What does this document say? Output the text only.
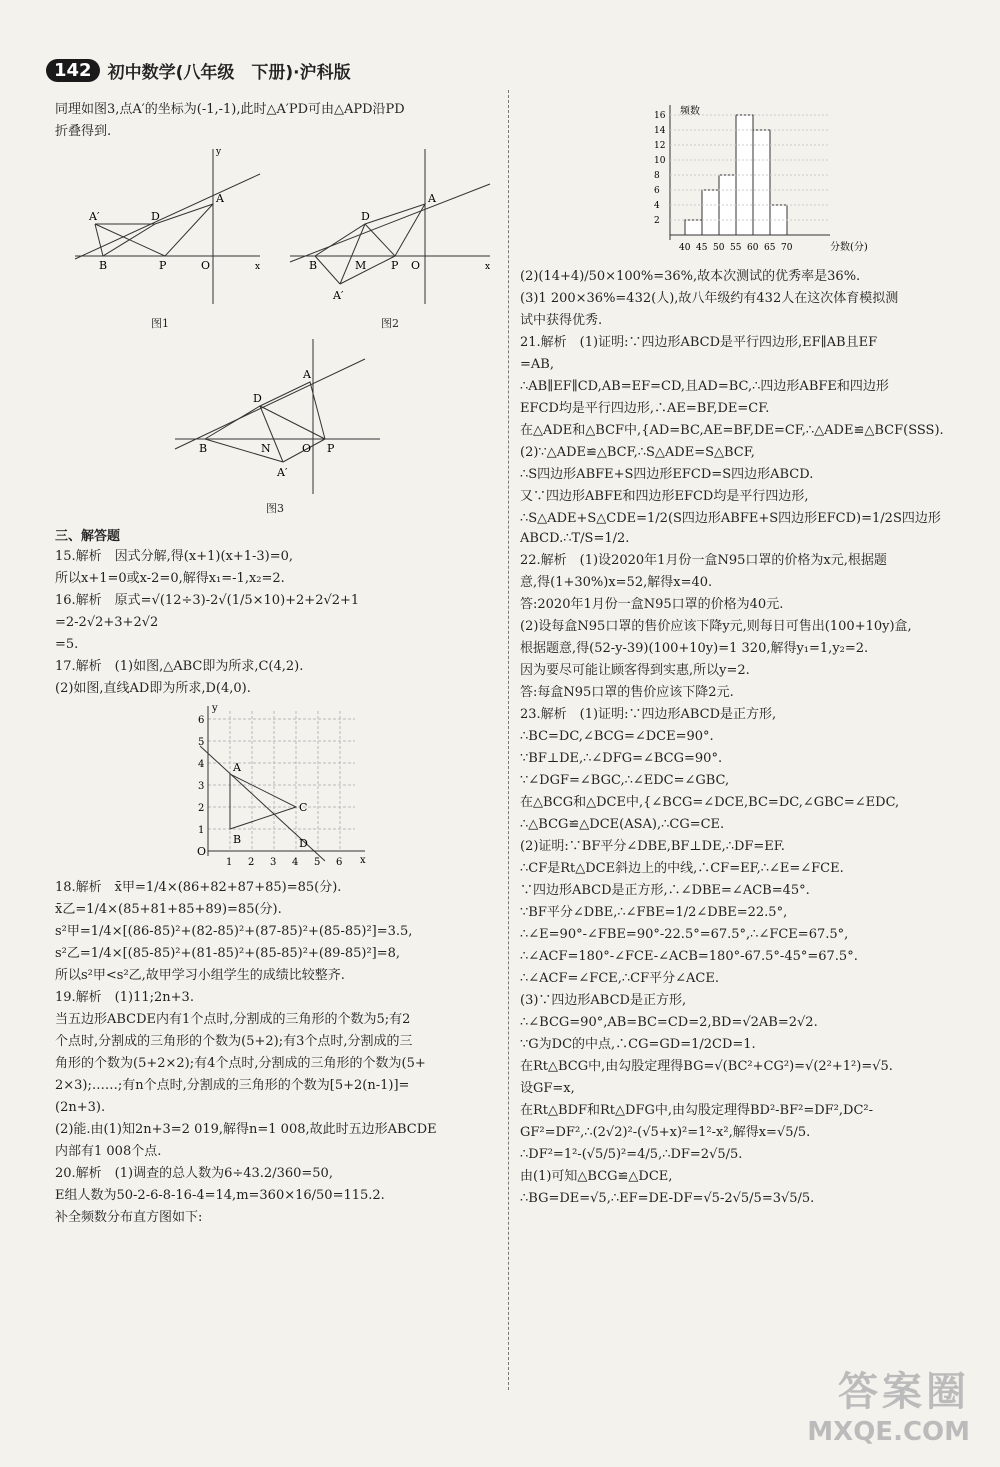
142 初中数学(八年级　下册)·沪科版

同理如图3,点A′的坐标为(-1,-1),此时△A′PD可由△APD沿PD

折叠得到.

A′	D
A
B	P	O	x
y
图1
D
A
B	M P O
A′
x
图2
D
A
B	N	O P
A′
图3
三、解答题

15.解析　因式分解,得(x+1)(x+1-3)=0,

所以x+1=0或x-2=0,解得x₁=-1,x₂=2.

16.解析　原式=√(12÷3)-2√(1/5×10)+2+2√2+1

=2-2√2+3+2√2

=5.

17.解析　(1)如图,△ABC即为所求,C(4,2).

(2)如图,直线AD即为所求,D(4,0).

O
1 2 3 4 5 6
1
2
3
4
5
6
x
y
A
B
C
D

18.解析　x̄甲=1/4×(86+82+87+85)=85(分).

x̄乙=1/4×(85+81+85+89)=85(分).

s²甲=1/4×[(86-85)²+(82-85)²+(87-85)²+(85-85)²]=3.5,

s²乙=1/4×[(85-85)²+(81-85)²+(85-85)²+(89-85)²]=8,

所以s²甲<s²乙,故甲学习小组学生的成绩比较整齐.

19.解析　(1)11;2n+3.

当五边形ABCDE内有1个点时,分割成的三角形的个数为5;有2

个点时,分割成的三角形的个数为(5+2);有3个点时,分割成的三

角形的个数为(5+2×2);有4个点时,分割成的三角形的个数为(5+

2×3);……;有n个点时,分割成的三角形的个数为[5+2(n-1)]=

(2n+3).

(2)能.由(1)知2n+3=2 019,解得n=1 008,故此时五边形ABCDE

内部有1 008个点.

20.解析　(1)调查的总人数为6÷43.2/360=50,

E组人数为50-2-6-8-16-4=14,m=360×16/50=115.2.

补全频数分布直方图如下:

频数
分数(分)
40 45 50 55 60 65 70
2
4
6
8
10
12
14
16

(2)(14+4)/50×100%=36%,故本次测试的优秀率是36%.

(3)1 200×36%=432(人),故八年级约有432人在这次体育模拟测

试中获得优秀.

21.解析　(1)证明:∵四边形ABCD是平行四边形,EF∥AB且EF

=AB,

∴AB∥EF∥CD,AB=EF=CD,且AD=BC,∴四边形ABFE和四边形

EFCD均是平行四边形,∴AE=BF,DE=CF.

在△ADE和△BCF中,{AD=BC,AE=BF,DE=CF,∴△ADE≌△BCF(SSS).

(2)∵△ADE≌△BCF,∴S△ADE=S△BCF,

∴S四边形ABFE+S四边形EFCD=S四边形ABCD.

又∵四边形ABFE和四边形EFCD均是平行四边形,

∴S△ADE+S△CDE=1/2(S四边形ABFE+S四边形EFCD)=1/2S四边形ABCD.∴T/S=1/2.

22.解析　(1)设2020年1月份一盒N95口罩的价格为x元,根据题

意,得(1+30%)x=52,解得x=40.

答:2020年1月份一盒N95口罩的价格为40元.

(2)设每盒N95口罩的售价应该下降y元,则每日可售出(100+10y)盒,

根据题意,得(52-y-39)(100+10y)=1 320,解得y₁=1,y₂=2.

因为要尽可能让顾客得到实惠,所以y=2.

答:每盒N95口罩的售价应该下降2元.

23.解析　(1)证明:∵四边形ABCD是正方形,

∴BC=DC,∠BCG=∠DCE=90°.

∵BF⊥DE,∴∠DFG=∠BCG=90°.

∵∠DGF=∠BGC,∴∠EDC=∠GBC,

在△BCG和△DCE中,{∠BCG=∠DCE,BC=DC,∠GBC=∠EDC,

∴△BCG≌△DCE(ASA),∴CG=CE.

(2)证明:∵BF平分∠DBE,BF⊥DE,∴DF=EF.

∴CF是Rt△DCE斜边上的中线,∴CF=EF,∴∠E=∠FCE.

∵四边形ABCD是正方形,∴∠DBE=∠ACB=45°.

∵BF平分∠DBE,∴∠FBE=1/2∠DBE=22.5°,

∴∠E=90°-∠FBE=90°-22.5°=67.5°,∴∠FCE=67.5°,

∴∠ACF=180°-∠FCE-∠ACB=180°-67.5°-45°=67.5°.

∴∠ACF=∠FCE,∴CF平分∠ACE.

(3)∵四边形ABCD是正方形,

∴∠BCG=90°,AB=BC=CD=2,BD=√2AB=2√2.

∵G为DC的中点,∴CG=GD=1/2CD=1.

在Rt△BCG中,由勾股定理得BG=√(BC²+CG²)=√(2²+1²)=√5.

设GF=x,

在Rt△BDF和Rt△DFG中,由勾股定理得BD²-BF²=DF²,DC²-

GF²=DF²,∴(2√2)²-(√5+x)²=1²-x²,解得x=√5/5.

∴DF²=1²-(√5/5)²=4/5,∴DF=2√5/5.

由(1)可知△BCG≌△DCE,

∴BG=DE=√5,∴EF=DE-DF=√5-2√5/5=3√5/5.

答案圈
MXQE.COM
